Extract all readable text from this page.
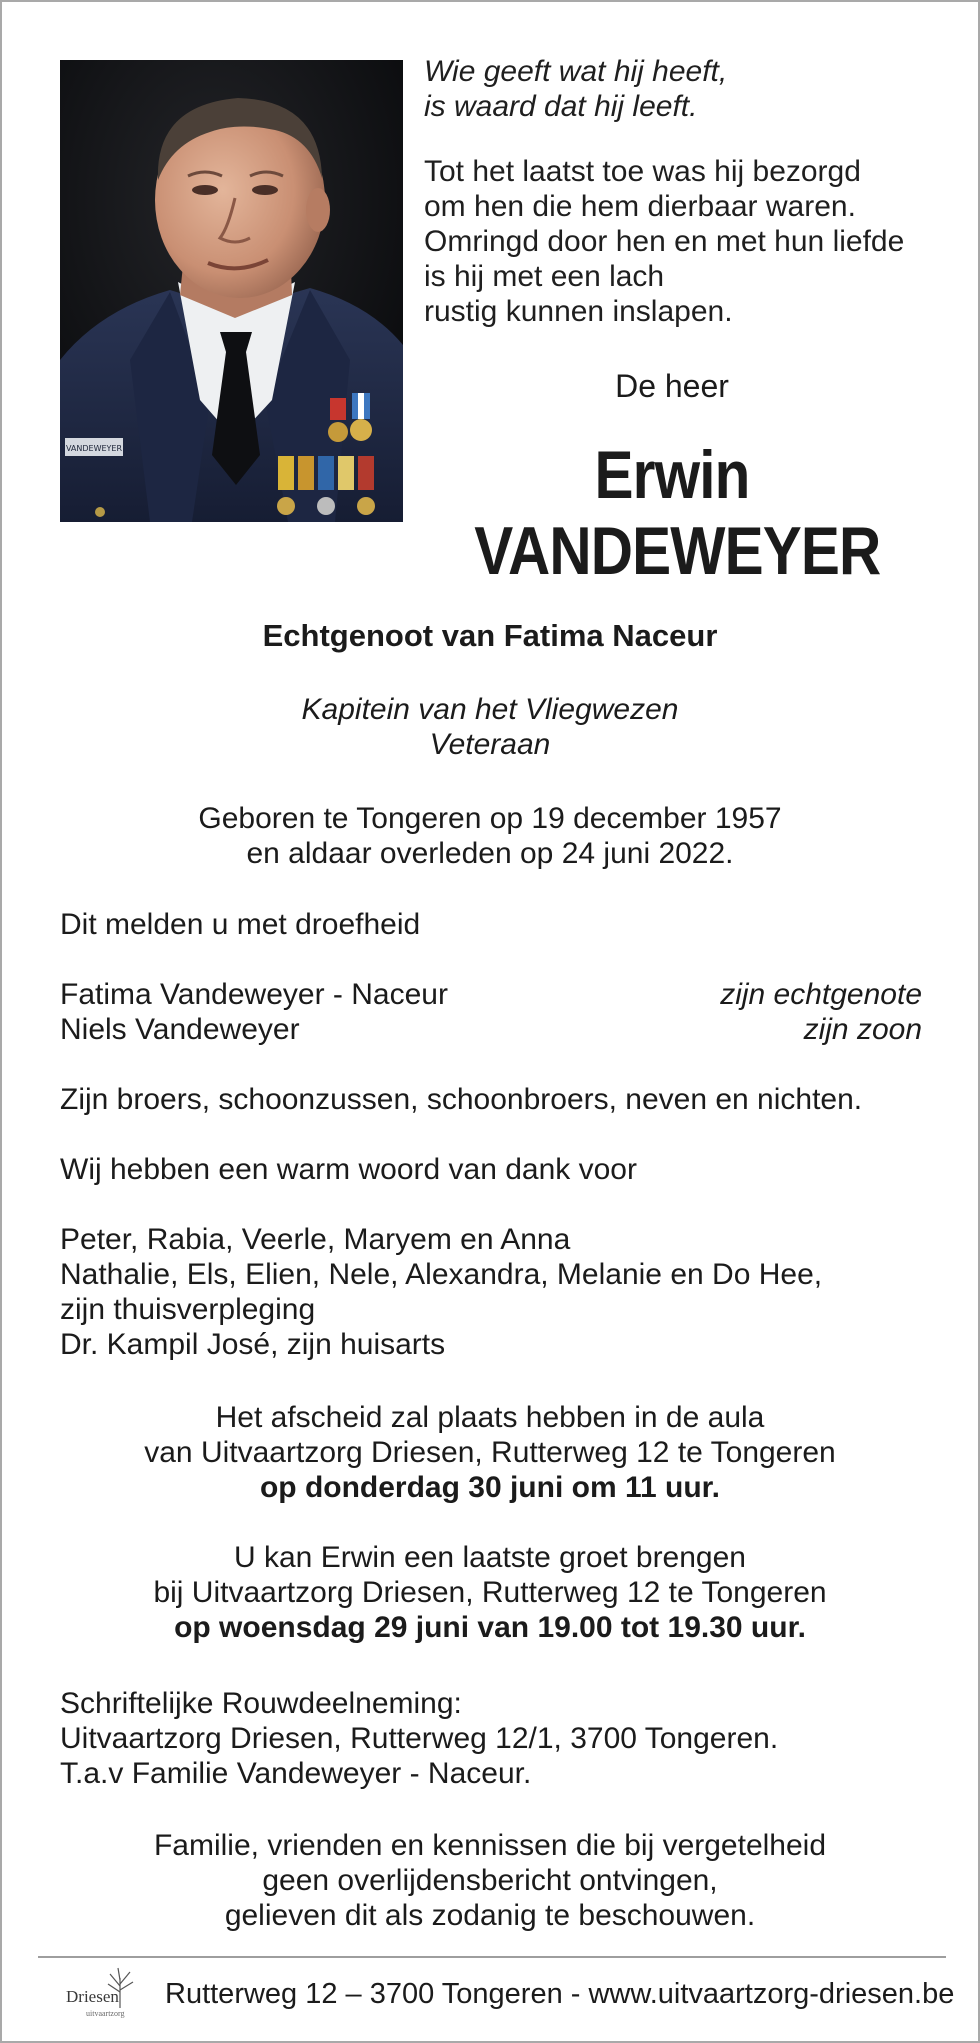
VANDEWEYER
Wie geeft wat hij heeft,
is waard dat hij leeft.
Tot het laatst toe was hij bezorgd
om hen die hem dierbaar waren.
Omringd door hen en met hun liefde
is hij met een lach
rustig kunnen inslapen.
De heer
Erwin
VANDEWEYER
Echtgenoot van Fatima Naceur
Kapitein van het Vliegwezen
Veteraan
Geboren te Tongeren op 19 december 1957
en aldaar overleden op 24 juni 2022.
Dit melden u met droefheid
Fatima Vandeweyer - Naceur	zijn echtgenote
Niels Vandeweyer	zijn zoon
Zijn broers, schoonzussen, schoonbroers, neven en nichten.
Wij hebben een warm woord van dank voor
Peter, Rabia, Veerle, Maryem en Anna
Nathalie, Els, Elien, Nele, Alexandra, Melanie en Do Hee,
zijn thuisverpleging
Dr. Kampil José, zijn huisarts
Het afscheid zal plaats hebben in de aula
van Uitvaartzorg Driesen, Rutterweg 12 te Tongeren
op donderdag 30 juni om 11 uur.
U kan Erwin een laatste groet brengen
bij Uitvaartzorg Driesen, Rutterweg 12 te Tongeren
op woensdag 29 juni van 19.00 tot 19.30 uur.
Schriftelijke Rouwdeelneming:
Uitvaartzorg Driesen, Rutterweg 12/1, 3700 Tongeren.
T.a.v Familie Vandeweyer - Naceur.
Familie, vrienden en kennissen die bij vergetelheid
geen overlijdensbericht ontvingen,
gelieven dit als zodanig te beschouwen.
Driesen
uitvaartzorg
Rutterweg 12 – 3700 Tongeren - www.uitvaartzorg-driesen.be
